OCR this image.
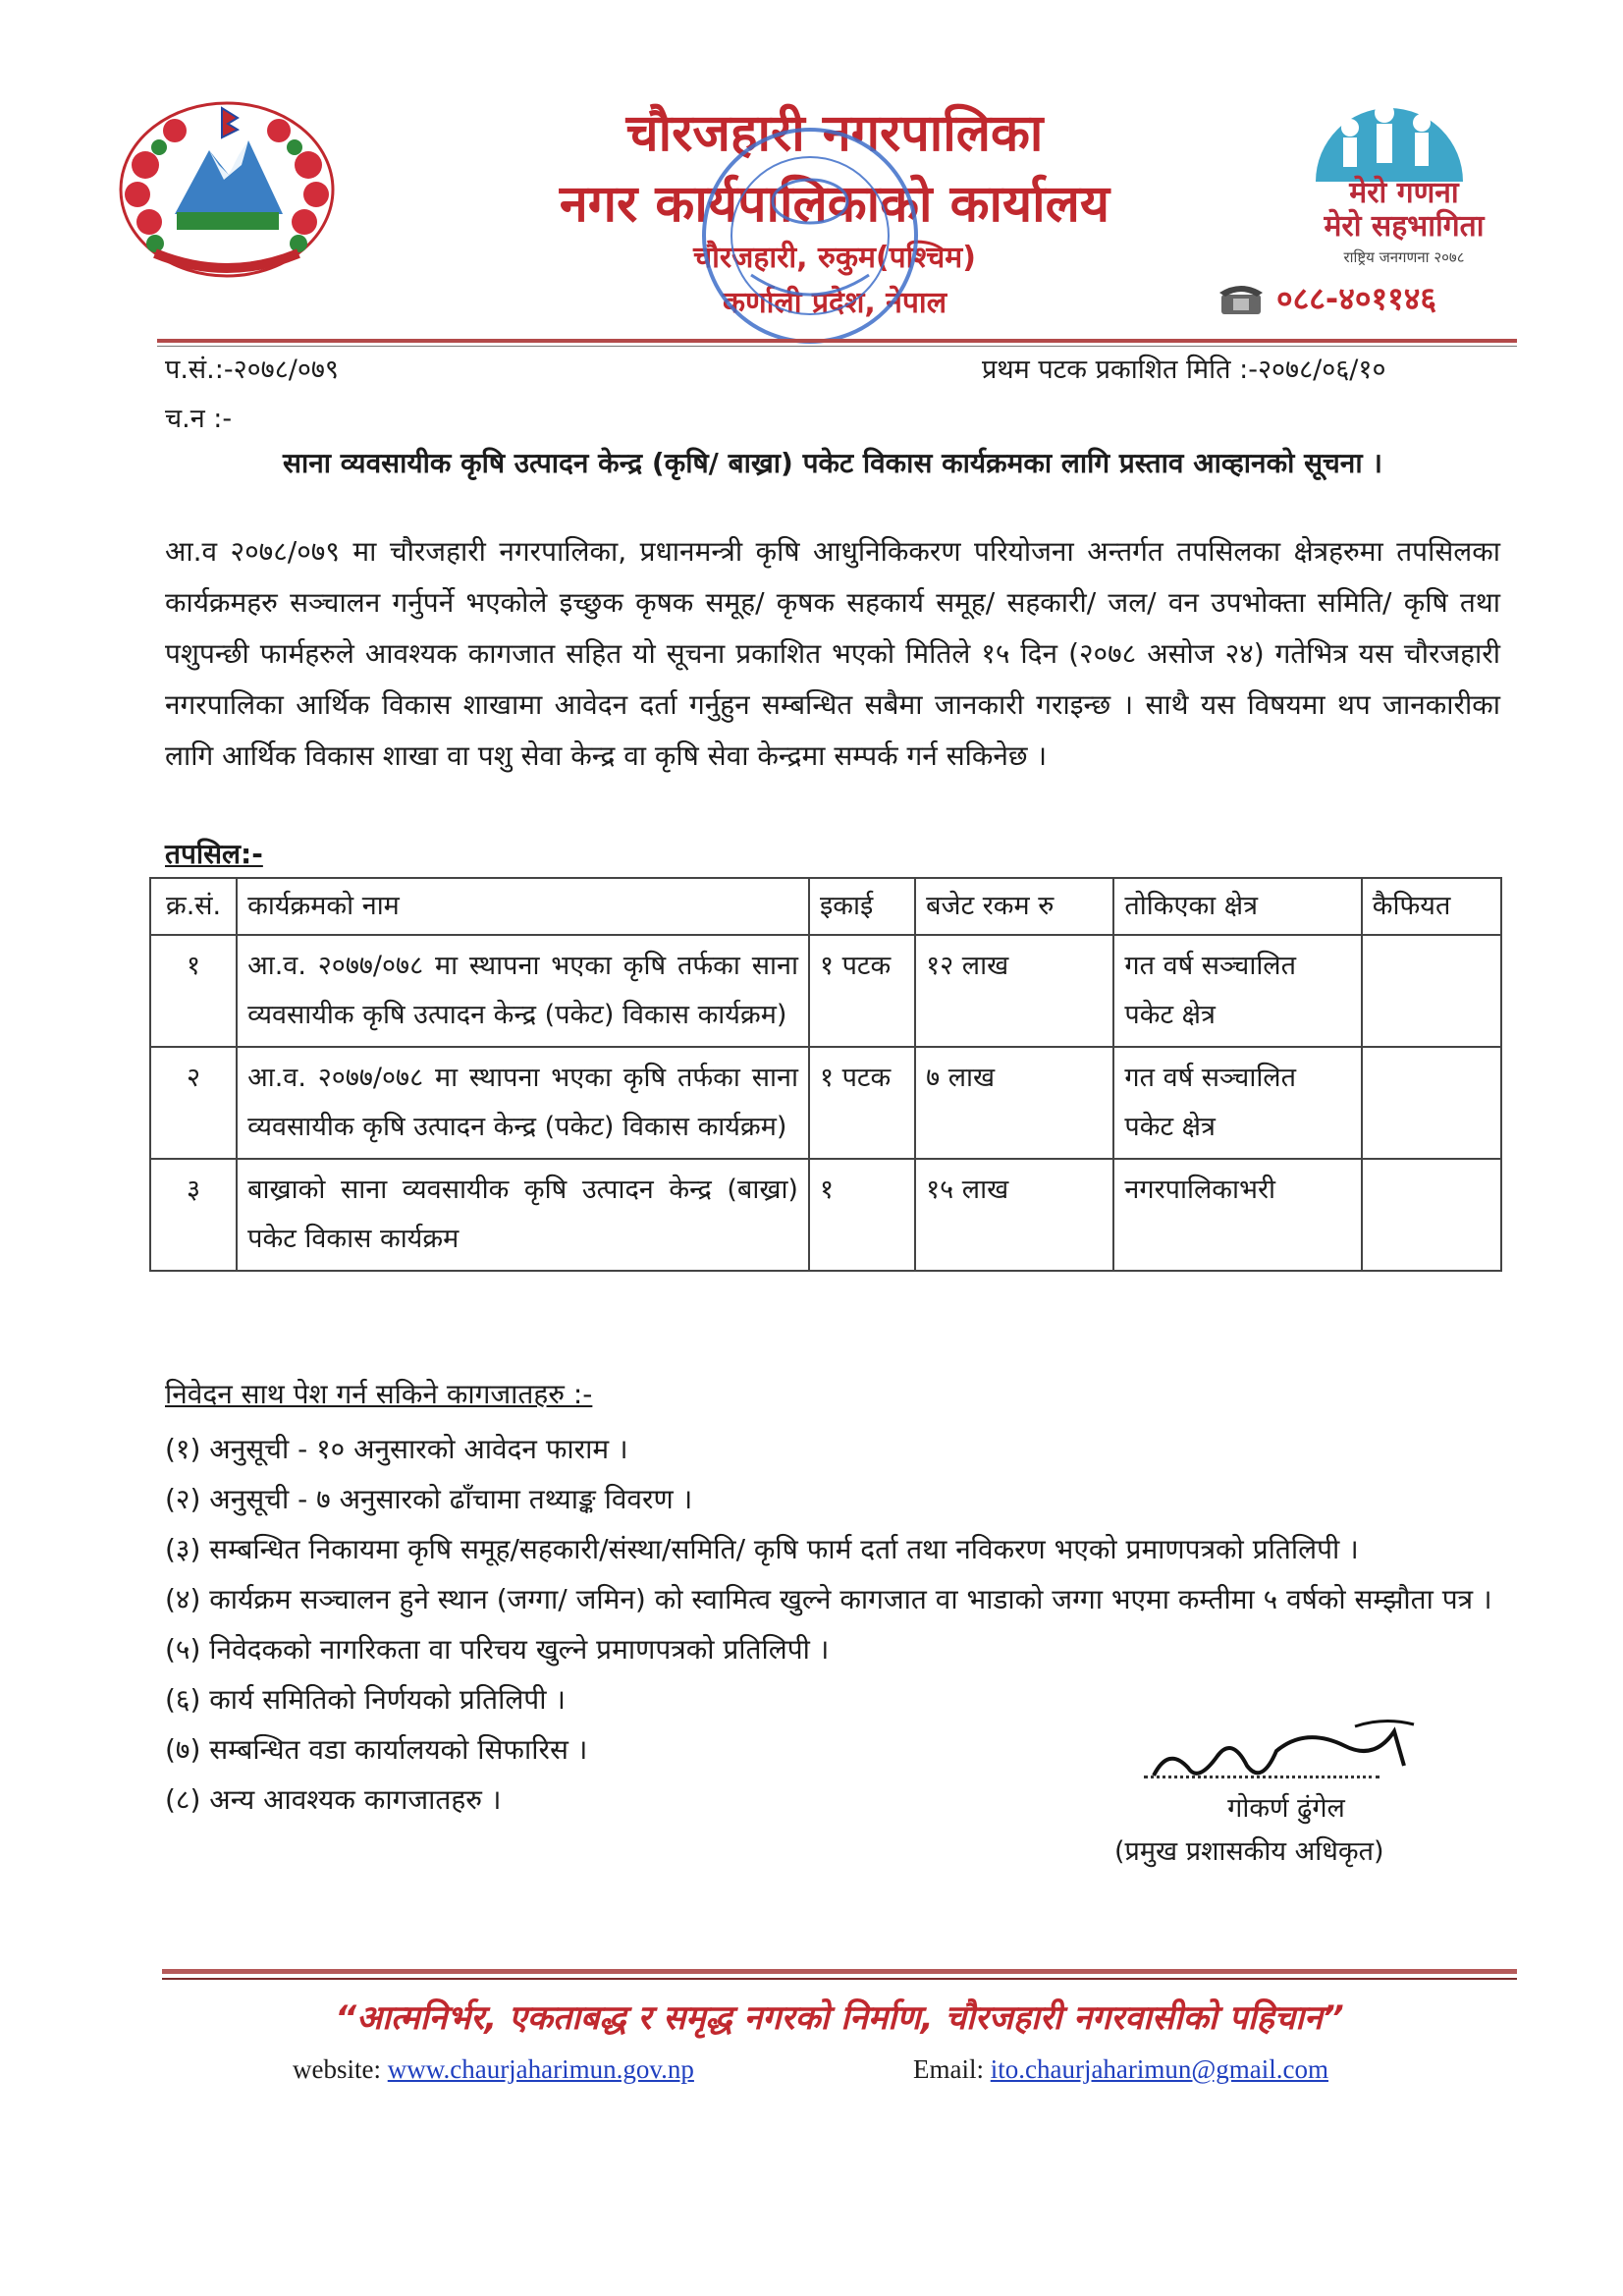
चौरजहारी नगरपालिका
नगर कार्यपालिकाको कार्यालय
चौरजहारी, रुकुम(पश्चिम)
कर्णाली प्रदेश, नेपाल
मेरो गणना
मेरो सहभागिता
राष्ट्रिय जनगणना २०७८
०८८-४०११४६
प.सं.:-२०७८/०७९	प्रथम पटक प्रकाशित मिति :-२०७८/०६/१०
च.न :-
साना व्यवसायीक कृषि उत्पादन केन्द्र (कृषि/ बाख्रा) पकेट विकास कार्यक्रमका लागि प्रस्ताव आव्हानको सूचना ।
आ.व २०७८/०७९ मा चौरजहारी नगरपालिका, प्रधानमन्त्री कृषि आधुनिकिकरण परियोजना अन्तर्गत तपसिलका क्षेत्रहरुमा तपसिलका कार्यक्रमहरु सञ्चालन गर्नुपर्ने भएकोले इच्छुक कृषक समूह/ कृषक सहकार्य समूह/ सहकारी/ जल/ वन उपभोक्ता समिति/ कृषि तथा पशुपन्छी फार्महरुले आवश्यक कागजात सहित यो सूचना प्रकाशित भएको मितिले १५ दिन (२०७८ असोज २४) गतेभित्र यस चौरजहारी नगरपालिका आर्थिक विकास शाखामा आवेदन दर्ता गर्नुहुन सम्बन्धित सबैमा जानकारी गराइन्छ । साथै यस विषयमा थप जानकारीका लागि आर्थिक विकास शाखा वा पशु सेवा केन्द्र वा कृषि सेवा केन्द्रमा सम्पर्क गर्न सकिनेछ ।
तपसिल:-
क्र.सं.	कार्यक्रमको नाम	इकाई	बजेट रकम रु	तोकिएका क्षेत्र	कैफियत
१	आ.व. २०७७/०७८ मा स्थापना भएका कृषि तर्फका साना व्यवसायीक कृषि उत्पादन केन्द्र (पकेट) विकास कार्यक्रम)	१ पटक	१२ लाख	गत वर्ष सञ्चालित पकेट क्षेत्र	
२	आ.व. २०७७/०७८ मा स्थापना भएका कृषि तर्फका साना व्यवसायीक कृषि उत्पादन केन्द्र (पकेट) विकास कार्यक्रम)	१ पटक	७ लाख	गत वर्ष सञ्चालित पकेट क्षेत्र	
३	बाख्राको साना व्यवसायीक कृषि उत्पादन केन्द्र (बाख्रा) पकेट विकास कार्यक्रम	१	१५ लाख	नगरपालिकाभरी	
निवेदन साथ पेश गर्न सकिने कागजातहरु :-
(१) अनुसूची - १० अनुसारको आवेदन फाराम ।
(२) अनुसूची - ७ अनुसारको ढाँचामा तथ्याङ्क विवरण ।
(३) सम्बन्धित निकायमा कृषि समूह/सहकारी/संस्था/समिति/ कृषि फार्म दर्ता तथा नविकरण भएको प्रमाणपत्रको प्रतिलिपी ।
(४) कार्यक्रम सञ्चालन हुने स्थान (जग्गा/ जमिन) को स्वामित्व खुल्ने कागजात वा भाडाको जग्गा भएमा कम्तीमा ५ वर्षको सम्झौता पत्र ।
(५) निवेदकको नागरिकता वा परिचय खुल्ने प्रमाणपत्रको प्रतिलिपी ।
(६) कार्य समितिको निर्णयको प्रतिलिपी ।
(७) सम्बन्धित वडा कार्यालयको सिफारिस ।
(८) अन्य आवश्यक कागजातहरु ।	गोकर्ण ढुंगेल
(प्रमुख प्रशासकीय अधिकृत)
“आत्मनिर्भर, एकताबद्ध र समृद्ध नगरको निर्माण, चौरजहारी नगरवासीको पहिचान”
website: www.chaurjaharimun.gov.np	Email: ito.chaurjaharimun@gmail.com
